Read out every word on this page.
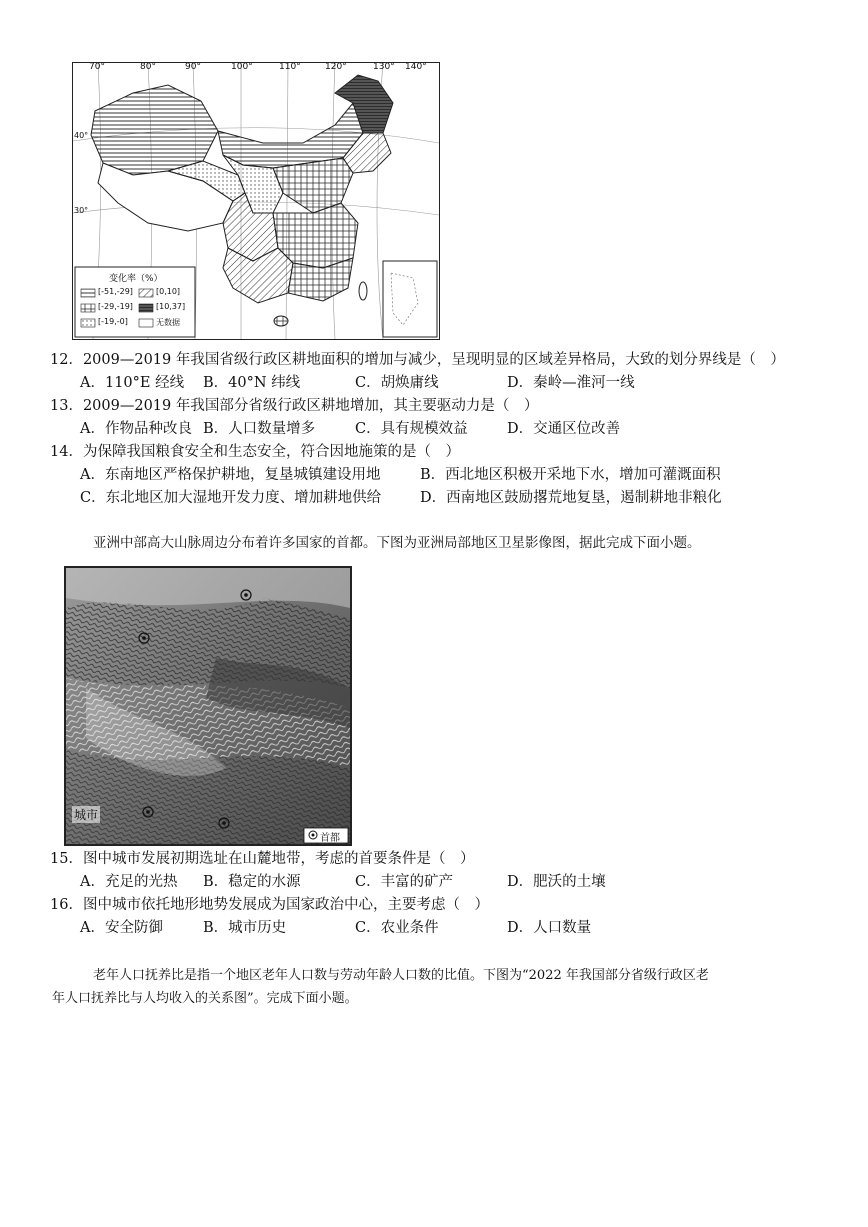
70°	80°	90°	100°	110°	120°	130° 140°
40°
30°
变化率（%）
[-51,-29]	[0,10]
[-29,-19]	[10,37]
[-19,-0]	无数据
12．2009—2019 年我国省级行政区耕地面积的增加与减少，呈现明显的区域差异格局，大致的划分界线是（　）
A．110°E 经线 B．40°N 纬线	C．胡焕庸线	D．秦岭—淮河一线
13．2009—2019 年我国部分省级行政区耕地增加，其主要驱动力是（　）
A．作物品种改良 B．人口数量增多	C．具有规模效益	D．交通区位改善
14．为保障我国粮食安全和生态安全，符合因地施策的是（　）
A．东南地区严格保护耕地，复垦城镇建设用地	B．西北地区积极开采地下水，增加可灌溉面积
C．东北地区加大湿地开发力度、增加耕地供给	D．西南地区鼓励撂荒地复垦，遏制耕地非粮化
亚洲中部高大山脉周边分布着许多国家的首都。下图为亚洲局部地区卫星影像图，据此完成下面小题。
城市
首都
15．图中城市发展初期选址在山麓地带，考虑的首要条件是（　）
A．充足的光热 B．稳定的水源	C．丰富的矿产	D．肥沃的土壤
16．图中城市依托地形地势发展成为国家政治中心，主要考虑（　）
A．安全防御	B．城市历史	C．农业条件	D．人口数量
老年人口抚养比是指一个地区老年人口数与劳动年龄人口数的比值。下图为“2022 年我国部分省级行政区老
年人口抚养比与人均收入的关系图”。完成下面小题。
